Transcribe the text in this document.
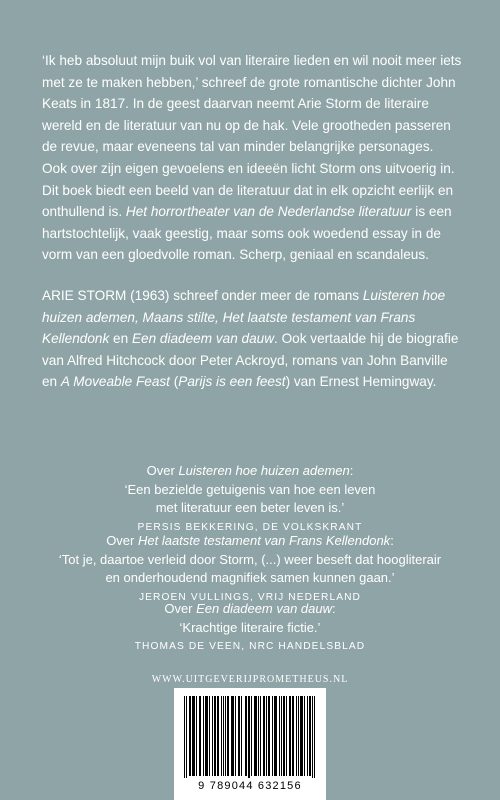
‘Ik heb absoluut mijn buik vol van literaire lieden en wil nooit meer iets met ze te maken hebben,’ schreef de grote romantische dichter John Keats in 1817. In de geest daarvan neemt Arie Storm de literaire wereld en de literatuur van nu op de hak. Vele grootheden passeren de revue, maar eveneens tal van minder belangrijke personages. Ook over zijn eigen gevoelens en ideeën licht Storm ons uitvoerig in. Dit boek biedt een beeld van de literatuur dat in elk opzicht eerlijk en onthullend is. Het horrortheater van de Nederlandse literatuur is een hartstochtelijk, vaak geestig, maar soms ook woedend essay in de vorm van een gloedvolle roman. Scherp, geniaal en scandaleus.

ARIE STORM (1963) schreef onder meer de romans Luisteren hoe huizen ademen, Maans stilte, Het laatste testament van Frans Kellendonk en Een diadeem van dauw. Ook vertaalde hij de biografie van Alfred Hitchcock door Peter Ackroyd, romans van John Banville en A Moveable Feast (Parijs is een feest) van Ernest Hemingway.

Over Luisteren hoe huizen ademen:
‘Een bezielde getuigenis van hoe een leven
met literatuur een beter leven is.’
PERSIS BEKKERING, DE VOLKSKRANT
Over Het laatste testament van Frans Kellendonk:
‘Tot je, daartoe verleid door Storm, (...) weer beseft dat hoogliterair
en onderhoudend magnifiek samen kunnen gaan.’
JEROEN VULLINGS, VRIJ NEDERLAND
Over Een diadeem van dauw:
‘Krachtige literaire fictie.’
THOMAS DE VEEN, NRC HANDELSBLAD
WWW.UITGEVERIJPROMETHEUS.NL
9 789044 632156
